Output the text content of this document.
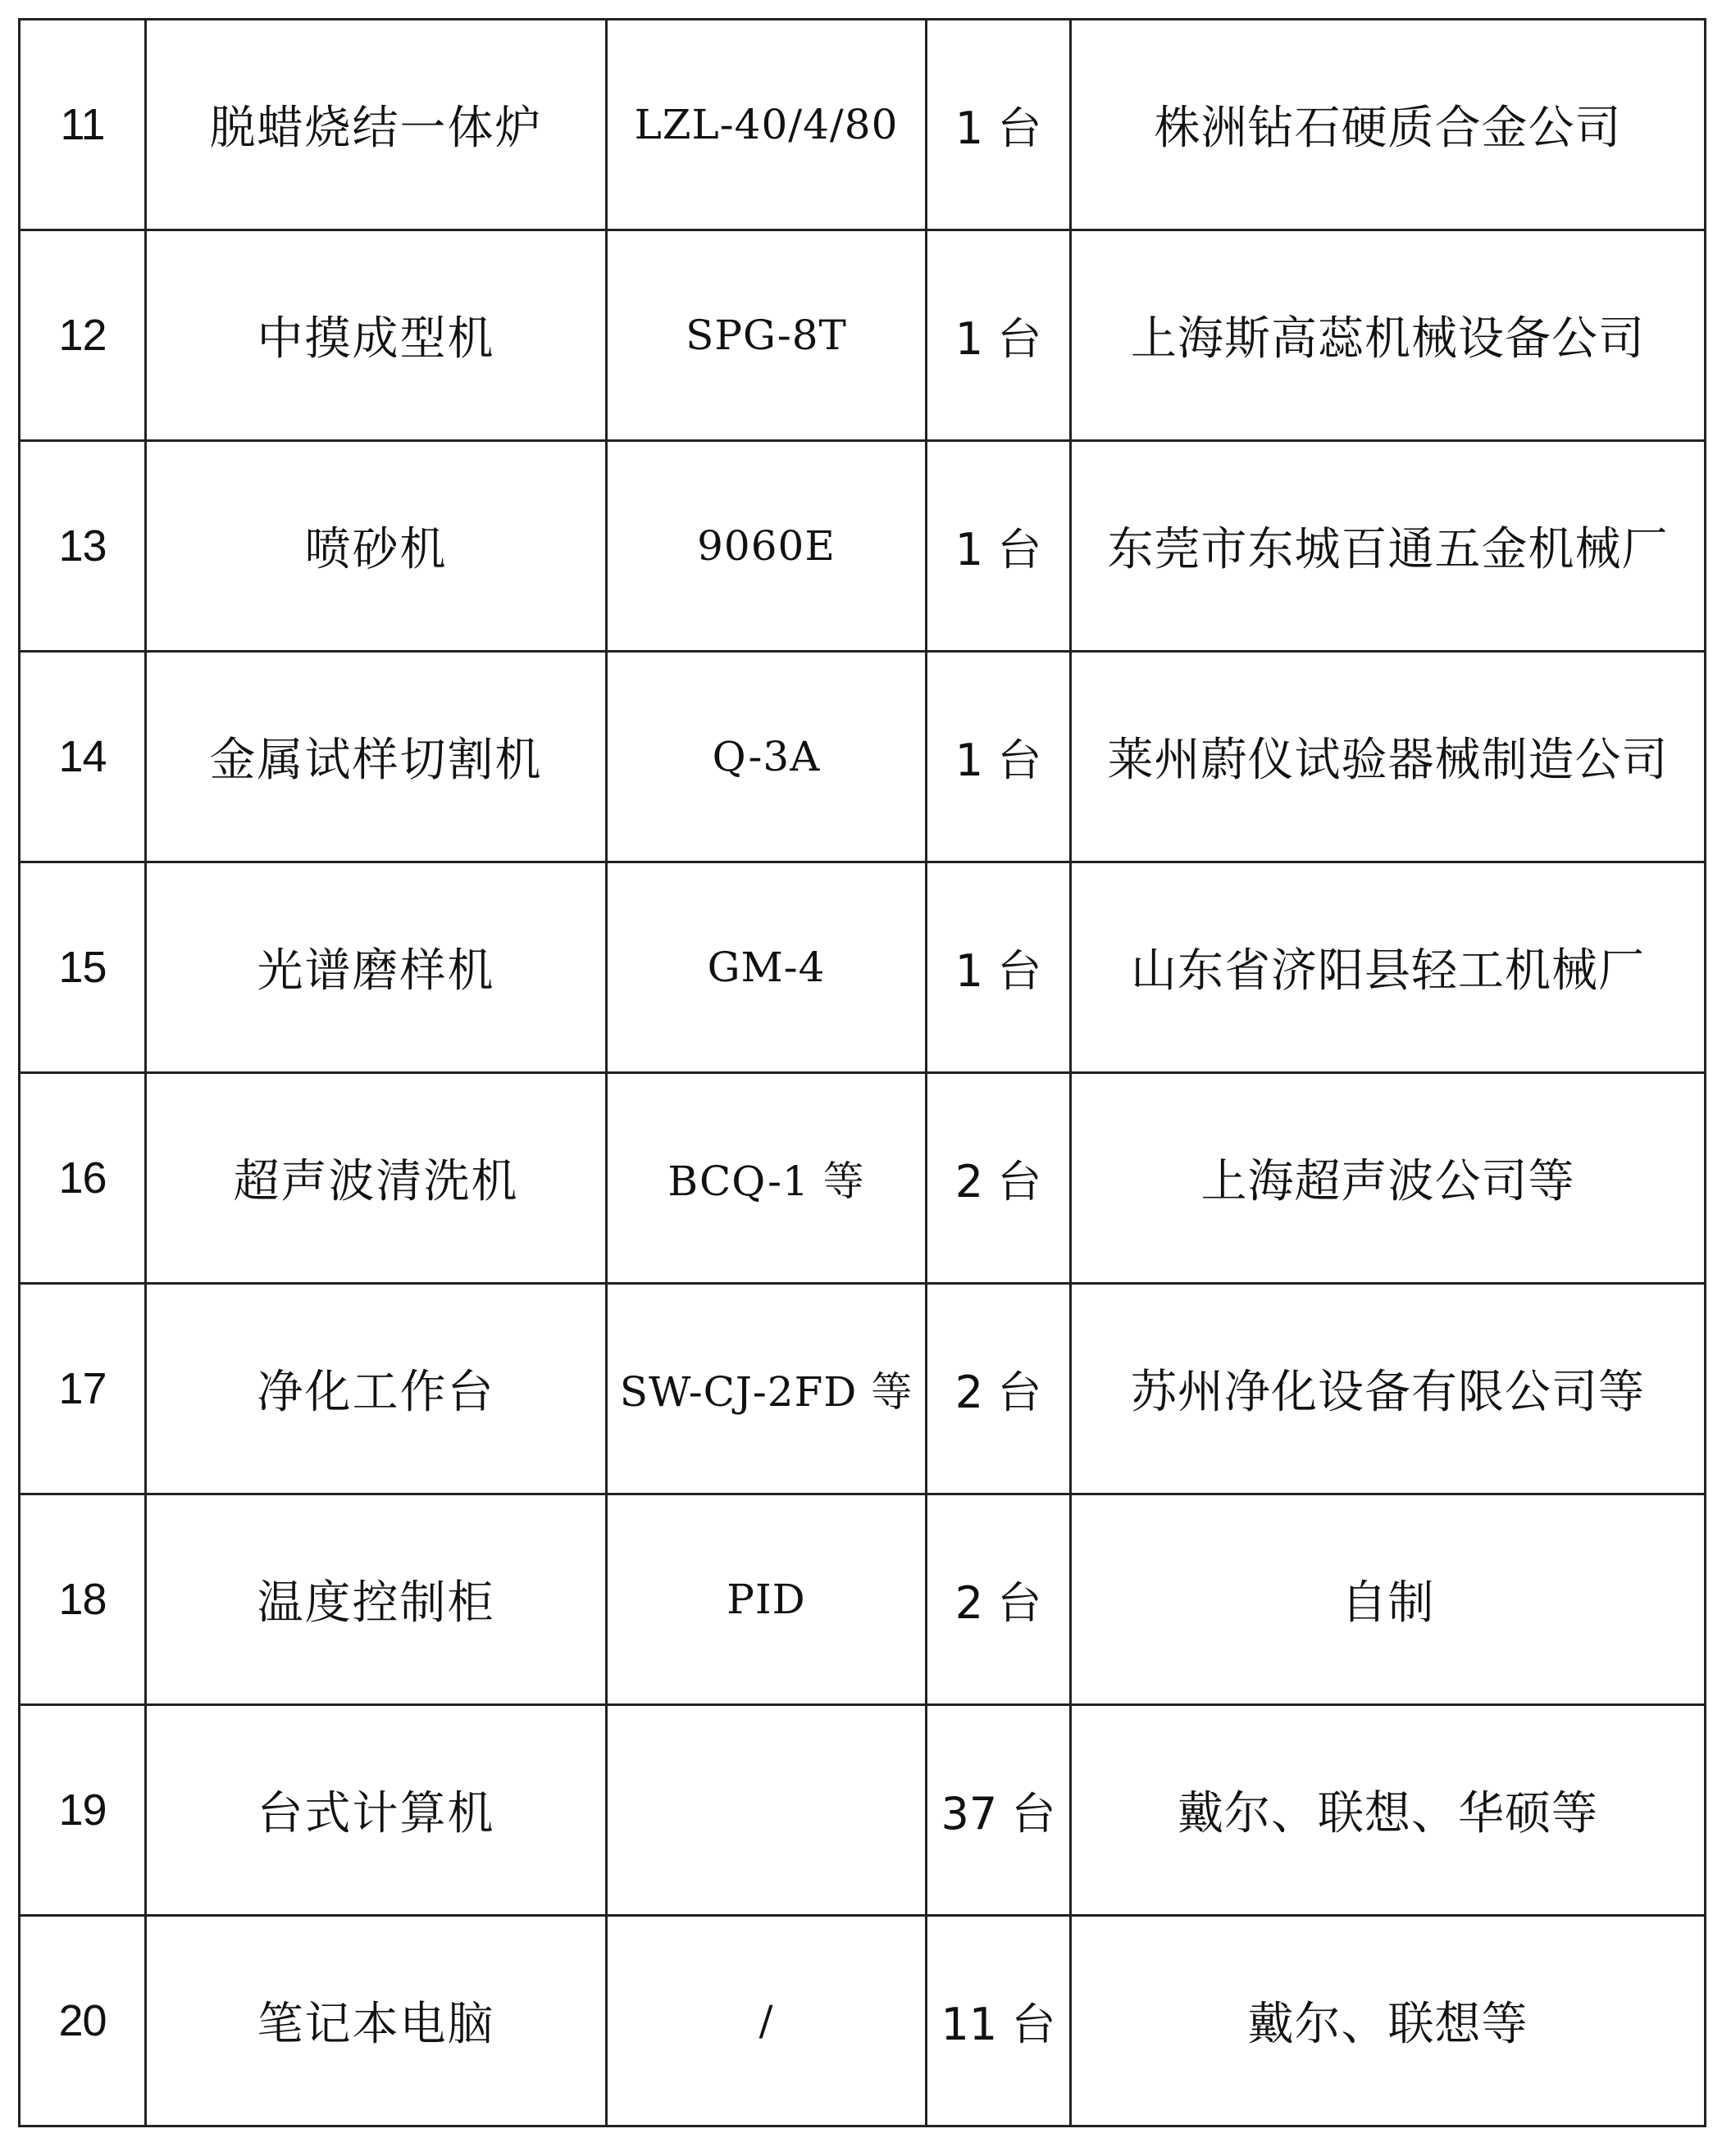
11	脱蜡烧结一体炉	LZL-40/4/80	1 台	株洲钻石硬质合金公司
12	中摸成型机	SPG-8T	1 台	上海斯高蕊机械设备公司
13	喷砂机	9060E	1 台	东莞市东城百通五金机械厂
14	金属试样切割机	Q-3A	1 台	莱州蔚仪试验器械制造公司
15	光谱磨样机	GM-4	1 台	山东省济阳县轻工机械厂
16	超声波清洗机	BCQ-1 等	2 台	上海超声波公司等
17	净化工作台	SW-CJ-2FD 等	2 台	苏州净化设备有限公司等
18	温度控制柜	PID	2 台	自制
19	台式计算机		37 台	戴尔、联想、华硕等
20	笔记本电脑	/	11 台	戴尔、联想等
